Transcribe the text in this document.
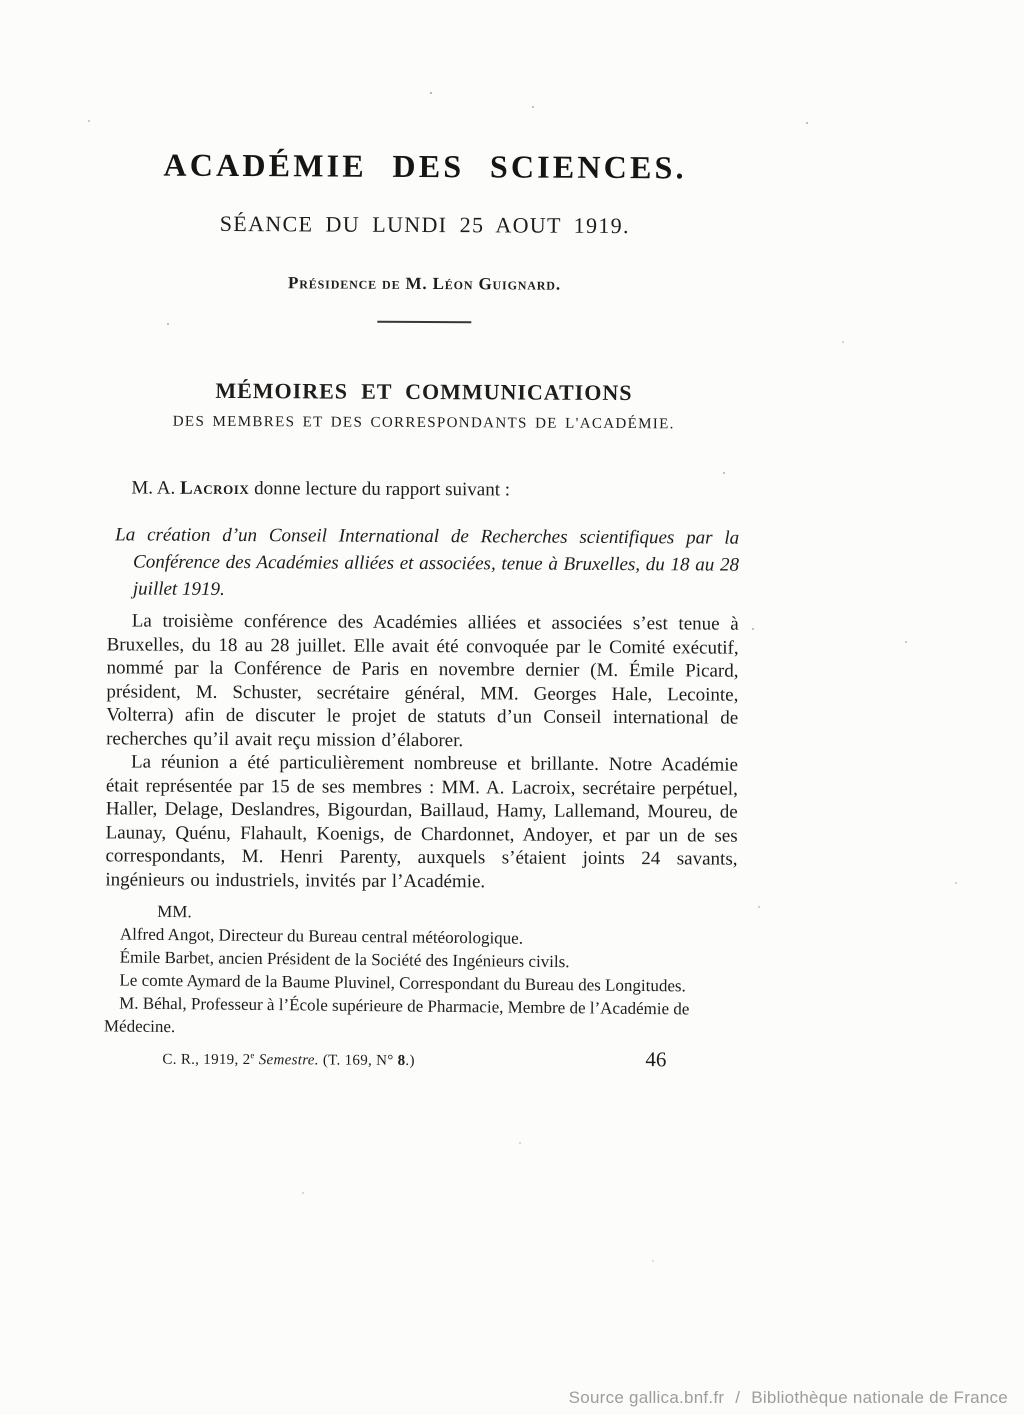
ACADÉMIE DES SCIENCES.
SÉANCE DU LUNDI 25 AOUT 1919.
Présidence de M. Léon Guignard.
MÉMOIRES ET COMMUNICATIONS
DES MEMBRES ET DES CORRESPONDANTS DE L'ACADÉMIE.

M. A. Lacroix donne lecture du rapport suivant :

La création d’un Conseil International de Recherches scientifiques par la Conférence des Académies alliées et associées, tenue à Bruxelles, du 18 au 28 juillet 1919.

La troisième conférence des Académies alliées et associées s’est tenue à Bruxelles, du 18 au 28 juillet. Elle avait été convoquée par le Comité exécutif, nommé par la Conférence de Paris en novembre dernier (M. Émile Picard, président, M. Schuster, secrétaire général, MM. Georges Hale, Lecointe, Volterra) afin de discuter le projet de statuts d’un Conseil international de recherches qu’il avait reçu mission d’élaborer.

La réunion a été particulièrement nombreuse et brillante. Notre Académie était représentée par 15 de ses membres : MM. A. Lacroix, secrétaire perpétuel, Haller, Delage, Deslandres, Bigourdan, Baillaud, Hamy, Lallemand, Moureu, de Launay, Quénu, Flahault, Koenigs, de Chardonnet, Andoyer, et par un de ses correspondants, M. Henri Parenty, auxquels s’étaient joints 24 savants, ingénieurs ou industriels, invités par l’Académie.

MM.

Alfred Angot, Directeur du Bureau central météorologique.

Émile Barbet, ancien Président de la Société des Ingénieurs civils.

Le comte Aymard de la Baume Pluvinel, Correspondant du Bureau des Longitudes.

M. Béhal, Professeur à l’École supérieure de Pharmacie, Membre de l’Académie de Médecine.

C. R., 1919, 2e Semestre. (T. 169, N° 8.)	46
Source gallica.bnf.fr / Bibliothèque nationale de France
